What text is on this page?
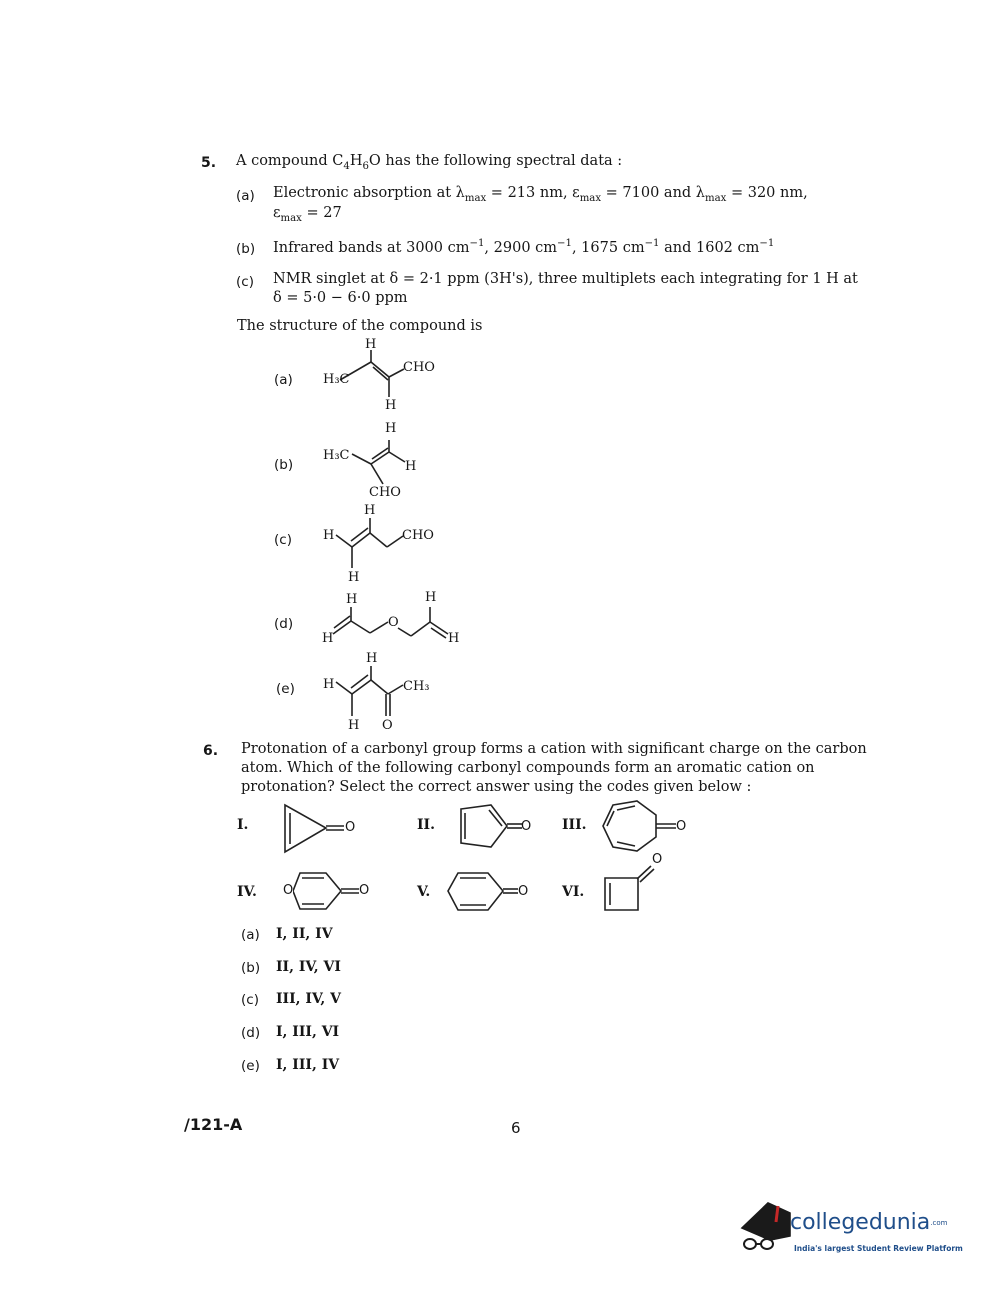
5. A compound $C_4H_6O$ has the following spectral data :
(a) Electronic absorption at $\lambda_{max} = 213$ nm, $\varepsilon_{max} = 7100$ and $\lambda_{max} = 320$ nm,
$\varepsilon_{max} = 27$
(b) Infrared bands at 3000 $cm^{-1}$, 2900 $cm^{-1}$, 1675 $cm^{-1}$ and 1602 $cm^{-1}$
(c) NMR singlet at δ = 2·1 ppm (3H's), three multiplets each integrating for 1 H at
δ = 5·0 − 6·0 ppm
The structure of the compound is
(a)
H
H₃C
CHO
H
(b)
H
H₃C
H
CHO
(c)
H
H	CHO
H
(d)
H	H
H
O
H
(e)
H
H	CH₃
H O
6. Protonation of a carbonyl group forms a cation with significant charge on the carbon
atom. Which of the following carbonyl compounds form an aromatic cation on
protonation? Select the correct answer using the codes given below :
I.	O	II.	O III.	O
IV. O	O	V.	O VI.
O
(a) I, II, IV
(b) II, IV, VI
(c) III, IV, V
(d) I, III, VI
(e) I, III, IV
/121-A	6
collegedunia.com
India's largest Student Review Platform
